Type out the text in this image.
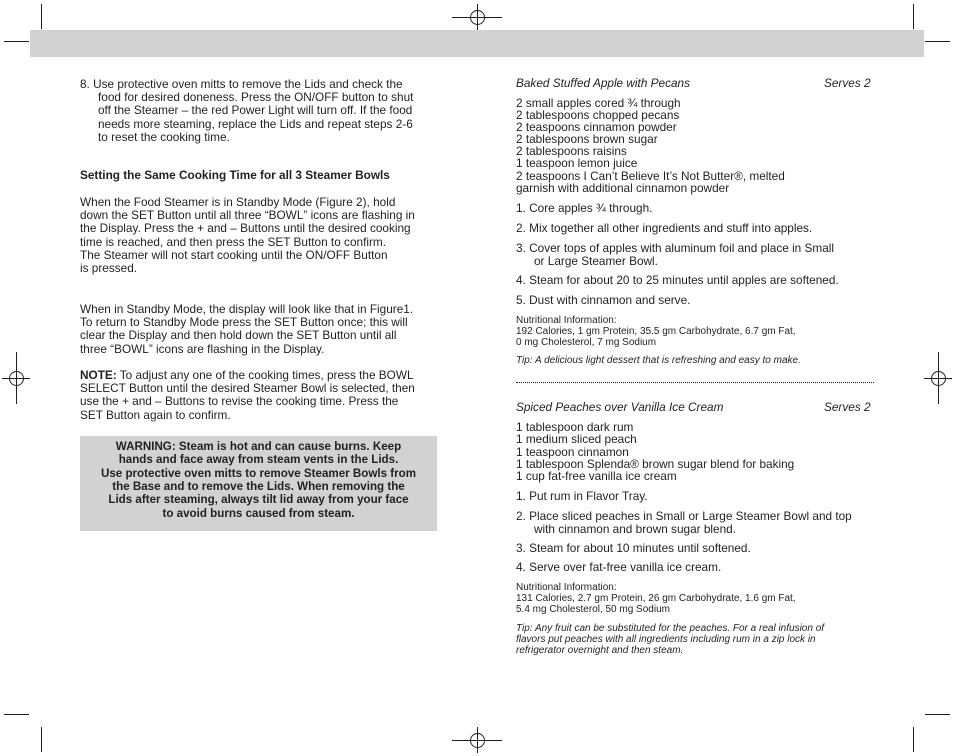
8. Use protective oven mitts to remove the Lids and check the
food for desired doneness. Press the ON/OFF button to shut
off the Steamer – the red Power Light will turn off. If the food
needs more steaming, replace the Lids and repeat steps 2-6
to reset the cooking time.
Setting the Same Cooking Time for all 3 Steamer Bowls
When the Food Steamer is in Standby Mode (Figure 2), hold
down the SET Button until all three “BOWL” icons are flashing in
the Display. Press the + and – Buttons until the desired cooking
time is reached, and then press the SET Button to confirm.
The Steamer will not start cooking until the ON/OFF Button
is pressed.
When in Standby Mode, the display will look like that in Figure1.
To return to Standby Mode press the SET Button once; this will
clear the Display and then hold down the SET Button until all
three “BOWL” icons are flashing in the Display.
NOTE: To adjust any one of the cooking times, press the BOWL
SELECT Button until the desired Steamer Bowl is selected, then
use the + and – Buttons to revise the cooking time. Press the
SET Button again to confirm.
WARNING: Steam is hot and can cause burns. Keep
hands and face away from steam vents in the Lids.
Use protective oven mitts to remove Steamer Bowls from
the Base and to remove the Lids. When removing the
Lids after steaming, always tilt lid away from your face
to avoid burns caused from steam.
Baked Stuffed Apple with Pecans	Serves 2
2 small apples cored ¾ through
2 tablespoons chopped pecans
2 teaspoons cinnamon powder
2 tablespoons brown sugar
2 tablespoons raisins
1 teaspoon lemon juice
2 teaspoons I Can’t Believe It’s Not Butter®, melted
garnish with additional cinnamon powder
1. Core apples ¾ through.
2. Mix together all other ingredients and stuff into apples.
3. Cover tops of apples with aluminum foil and place in Small
or Large Steamer Bowl.
4. Steam for about 20 to 25 minutes until apples are softened.
5. Dust with cinnamon and serve.
Nutritional Information:
192 Calories, 1 gm Protein, 35.5 gm Carbohydrate, 6.7 gm Fat,
0 mg Cholesterol, 7 mg Sodium
Tip: A delicious light dessert that is refreshing and easy to make.
Spiced Peaches over Vanilla Ice Cream	Serves 2
1 tablespoon dark rum
1 medium sliced peach
1 teaspoon cinnamon
1 tablespoon Splenda® brown sugar blend for baking
1 cup fat-free vanilla ice cream
1. Put rum in Flavor Tray.
2. Place sliced peaches in Small or Large Steamer Bowl and top
with cinnamon and brown sugar blend.
3. Steam for about 10 minutes until softened.
4. Serve over fat-free vanilla ice cream.
Nutritional Information:
131 Calories, 2.7 gm Protein, 26 gm Carbohydrate, 1.6 gm Fat,
5.4 mg Cholesterol, 50 mg Sodium
Tip: Any fruit can be substituted for the peaches. For a real infusion of
flavors put peaches with all ingredients including rum in a zip lock in
refrigerator overnight and then steam.
